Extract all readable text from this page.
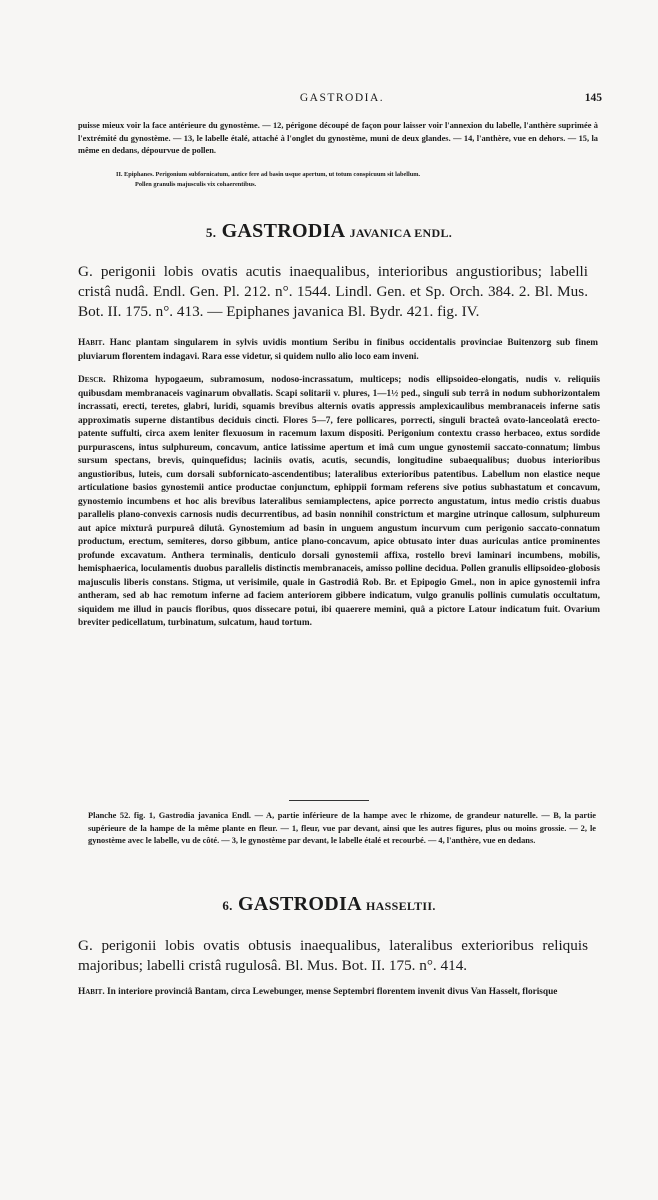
GASTRODIA.	145
puisse mieux voir la face antérieure du gynostème. — 12, périgone découpé de façon pour laisser voir l'annexion du labelle, l'anthère suprimée à l'extrémité du gynostème. — 13, le labelle étalé, attaché à l'onglet du gynostème, muni de deux glandes. — 14, l'anthère, vue en dehors. — 15, la même en dedans, dépourvue de pollen.
II. Epiphanes. Perigonium subfornicatum, antice fere ad basin usque apertum, ut totum conspicuum sit labellum.
Pollen granulis majusculis vix cohaerentibus.
5. GASTRODIA JAVANICA ENDL.
G. perigonii lobis ovatis acutis inaequalibus, interioribus angustioribus; labelli cristâ nudâ. Endl. Gen. Pl. 212. n°. 1544. Lindl. Gen. et Sp. Orch. 384. 2. Bl. Mus. Bot. II. 175. n°. 413. — Epiphanes javanica Bl. Bydr. 421. fig. IV.
Habit. Hanc plantam singularem in sylvis uvidis montium Seribu in finibus occidentalis provinciae Buitenzorg sub finem pluviarum florentem indagavi. Rara esse videtur, si quidem nullo alio loco eam inveni.
Descr. Rhizoma hypogaeum, subramosum, nodoso-incrassatum, multiceps; nodis ellipsoideo-elongatis, nudis v. reliquiis quibusdam membranaceis vaginarum obvallatis. Scapi solitarii v. plures, 1—1½ ped., singuli sub terrâ in nodum subhorizontalem incrassati, erecti, teretes, glabri, luridi, squamis brevibus alternis ovatis appressis amplexicaulibus membranaceis inferne satis approximatis superne distantibus deciduis cincti. Flores 5—7, fere pollicares, porrecti, singuli bracteâ ovato-lanceolatâ erecto-patente suffulti, circa axem leniter flexuosum in racemum laxum dispositi. Perigonium contextu crasso herbaceo, extus sordide purpurascens, intus sulphureum, concavum, antice latissime apertum et imâ cum ungue gynostemii saccato-connatum; limbus sursum spectans, brevis, quinquefidus; laciniis ovatis, acutis, secundis, longitudine subaequalibus; duobus interioribus angustioribus, luteis, cum dorsali subfornicato-ascendentibus; lateralibus exterioribus patentibus. Labellum non elastice neque articulatione basios gynostemii antice productae conjunctum, ephippii formam referens sive potius subhastatum et concavum, gynostemio incumbens et hoc alis brevibus lateralibus semiamplectens, apice porrecto angustatum, intus medio cristis duabus parallelis plano-convexis carnosis nudis decurrentibus, ad basin nonnihil constrictum et margine utrinque callosum, sulphureum aut apice mixturâ purpureâ dilutâ. Gynostemium ad basin in unguem angustum incurvum cum perigonio saccato-connatum productum, erectum, semiteres, dorso gibbum, antice plano-concavum, apice obtusato inter duas auriculas antice prominentes profunde excavatum. Anthera terminalis, denticulo dorsali gynostemii affixa, rostello brevi laminari incumbens, mobilis, hemisphaerica, loculamentis duobus parallelis distinctis membranaceis, amisso polline decidua. Pollen granulis ellipsoideo-globosis majusculis liberis constans. Stigma, ut verisimile, quale in Gastrodiâ Rob. Br. et Epipogio Gmel., non in apice gynostemii infra antheram, sed ab hac remotum inferne ad faciem anteriorem gibbere indicatum, vulgo granulis pollinis cumulatis occultatum, siquidem me illud in paucis floribus, quos dissecare potui, ibi quaerere memini, quâ a pictore Latour indicatum fuit. Ovarium breviter pedicellatum, turbinatum, sulcatum, haud tortum.
Planche 52. fig. 1, Gastrodia javanica Endl. — A, partie inférieure de la hampe avec le rhizome, de grandeur naturelle. — B, la partie supérieure de la hampe de la même plante en fleur. — 1, fleur, vue par devant, ainsi que les autres figures, plus ou moins grossie. — 2, le gynostème avec le labelle, vu de côté. — 3, le gynostème par devant, le labelle étalé et recourbé. — 4, l'anthère, vue en dedans.
6. GASTRODIA HASSELTII.
G. perigonii lobis ovatis obtusis inaequalibus, lateralibus exterioribus reliquis majoribus; labelli cristâ rugulosâ. Bl. Mus. Bot. II. 175. n°. 414.
Habit. In interiore provinciâ Bantam, circa Lewebunger, mense Septembri florentem invenit divus Van Hasselt, florisque
